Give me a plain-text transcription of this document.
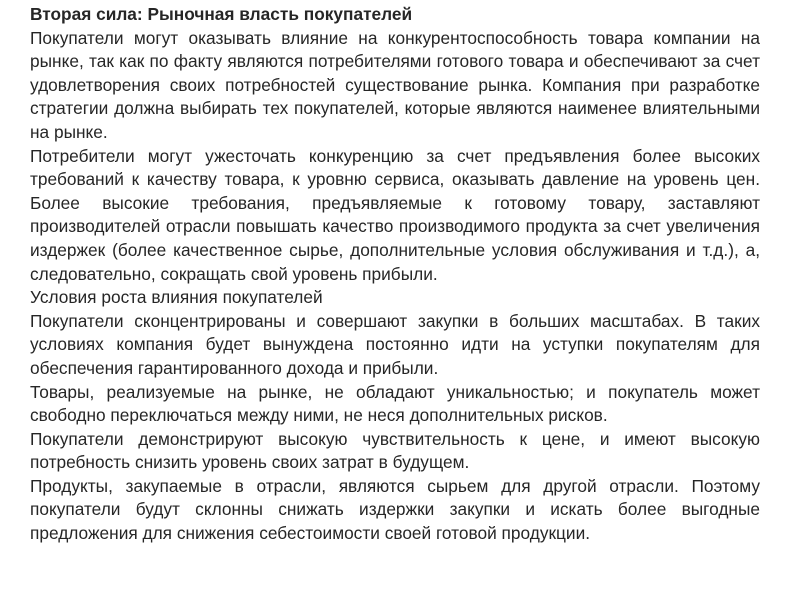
Вторая сила: Рыночная власть покупателей

Покупатели могут оказывать влияние на конкурентоспособность товара компании на рынке, так как по факту являются потребителями готового товара и обеспечивают за счет удовлетворения своих потребностей существование рынка. Компания при разработке стратегии должна выбирать тех покупателей, которые являются наименее влиятельными на рынке.

Потребители могут ужесточать конкуренцию за счет предъявления более высоких требований к качеству товара, к уровню сервиса, оказывать давление на уровень цен. Более высокие требования, предъявляемые к готовому товару, заставляют производителей отрасли повышать качество производимого продукта за счет увеличения издержек (более качественное сырье, дополнительные условия обслуживания и т.д.), а, следовательно, сокращать свой уровень прибыли.

Условия роста влияния покупателей

Покупатели сконцентрированы и совершают закупки в больших масштабах. В таких условиях компания будет вынуждена постоянно идти на уступки покупателям для обеспечения гарантированного дохода и прибыли.

Товары, реализуемые на рынке, не обладают уникальностью; и покупатель может свободно переключаться между ними, не неся дополнительных рисков.

Покупатели демонстрируют высокую чувствительность к цене, и имеют высокую потребность снизить уровень своих затрат в будущем.

Продукты, закупаемые в отрасли, являются сырьем для другой отрасли. Поэтому покупатели будут склонны снижать издержки закупки и искать более выгодные предложения для снижения себестоимости своей готовой продукции.
